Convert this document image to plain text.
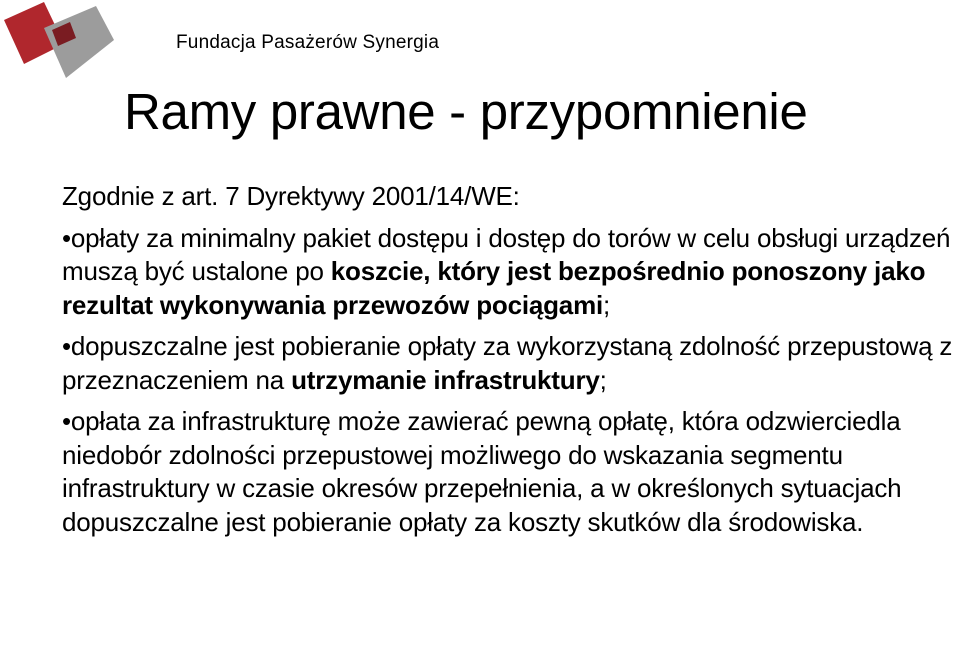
Fundacja Pasażerów Synergia
Ramy prawne - przypomnienie

Zgodnie z art. 7 Dyrektywy 2001/14/WE:

•opłaty za minimalny pakiet dostępu i dostęp do torów w celu obsługi urządzeń muszą być ustalone po koszcie, który jest bezpośrednio ponoszony jako rezultat wykonywania przewozów pociągami;

•dopuszczalne jest pobieranie opłaty za wykorzystaną zdolność przepustową z przeznaczeniem na utrzymanie infrastruktury;

•opłata za infrastrukturę może zawierać pewną opłatę, która odzwierciedla niedobór zdolności przepustowej możliwego do wskazania segmentu infrastruktury w czasie okresów przepełnienia, a w określonych sytuacjach dopuszczalne jest pobieranie opłaty za koszty skutków dla środowiska.
